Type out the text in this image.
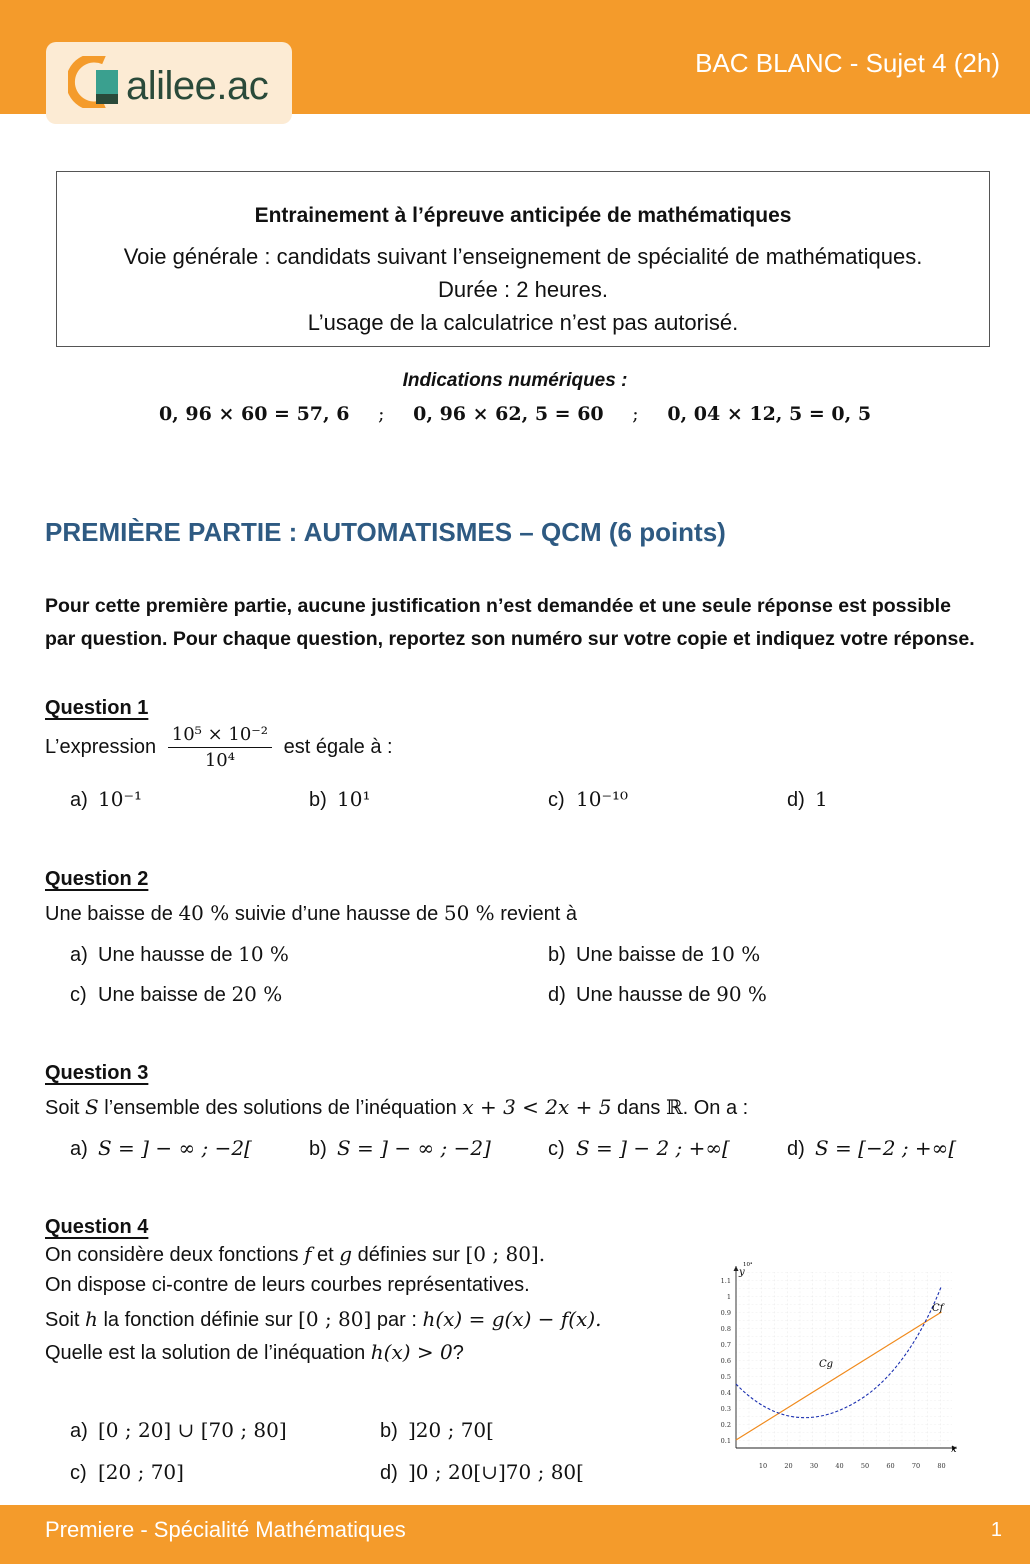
alilee.ac
BAC BLANC - Sujet 4 (2h)
Entrainement à l’épreuve anticipée de mathématiques
Voie générale : candidats suivant l’enseignement de spécialité de mathématiques.
Durée : 2 heures.
L’usage de la calculatrice n’est pas autorisé.
Indications numériques :
0, 96 × 60 = 57, 6 ; 0, 96 × 62, 5 = 60 ; 0, 04 × 12, 5 = 0, 5
PREMIÈRE PARTIE : AUTOMATISMES – QCM (6 points)
Pour cette première partie, aucune justification n’est demandée et une seule réponse est possible
par question. Pour chaque question, reportez son numéro sur votre copie et indiquez votre réponse.
Question 1
L’expression $\frac{\text{10⁵ × 10⁻²}}{\text{10⁴}}$ est égale à :
a) 10⁻¹	b) 10¹	c) 10⁻¹⁰	d) 1
Question 2
Une baisse de 40 % suivie d’une hausse de 50 % revient à
a) Une hausse de 10 %	b) Une baisse de 10 %
c) Une baisse de 20 %	d) Une hausse de 90 %
Question 3
Soit S l’ensemble des solutions de l’inéquation x + 3 < 2x + 5 dans ℝ. On a :
a) S = ] − ∞ ; −2[	b) S = ] − ∞ ; −2]	c) S = ] − 2 ; +∞[	d) S = [−2 ; +∞[
Question 4
On considère deux fonctions f et g définies sur [0 ; 80].
On dispose ci-contre de leurs courbes représentatives.
Soit h la fonction définie sur [0 ; 80] par : h(x) = g(x) − f(x).
Quelle est la solution de l’inéquation h(x) > 0?
a) [0 ; 20] ∪ [70 ; 80]	b) ]20 ; 70[
c) [20 ; 70]	d) ]0 ; 20[∪]70 ; 80[
1.1
1
0.9
0.8
0.7
0.6
0.5
0.4
0.3
0.2
0.1
10	20	30	40	50	60	70	80
x
y
10⁴
Cf
Cg
Premiere - Spécialité Mathématiques	1
